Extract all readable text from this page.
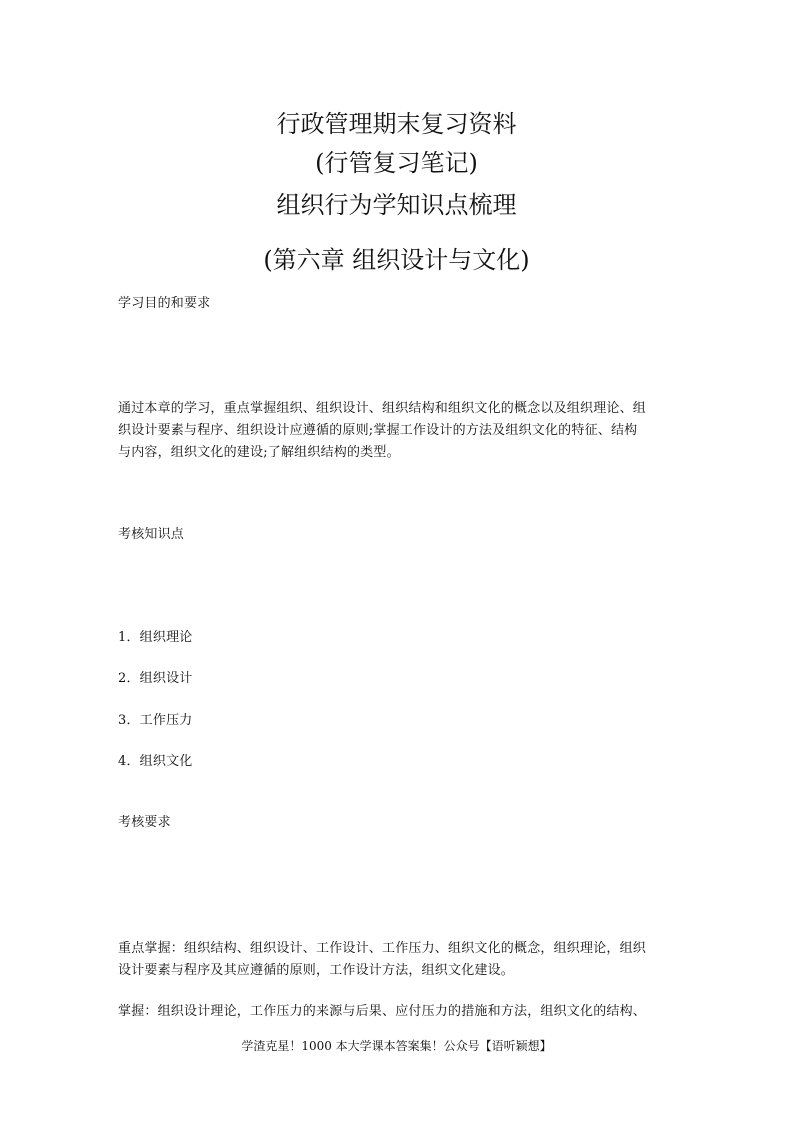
行政管理期末复习资料
(行管复习笔记)
组织行为学知识点梳理
(第六章 组织设计与文化)
学习目的和要求
通过本章的学习，重点掌握组织、组织设计、组织结构和组织文化的概念以及组织理论、组
织设计要素与程序、组织设计应遵循的原则;掌握工作设计的方法及组织文化的特征、结构
与内容，组织文化的建设;了解组织结构的类型。
考核知识点
1．组织理论
2．组织设计
3．工作压力
4．组织文化
考核要求
重点掌握：组织结构、组织设计、工作设计、工作压力、组织文化的概念，组织理论，组织
设计要素与程序及其应遵循的原则，工作设计方法，组织文化建设。
掌握：组织设计理论，工作压力的来源与后果、应付压力的措施和方法，组织文化的结构、
学渣克星！1000 本大学课本答案集！公众号【语听颖想】
